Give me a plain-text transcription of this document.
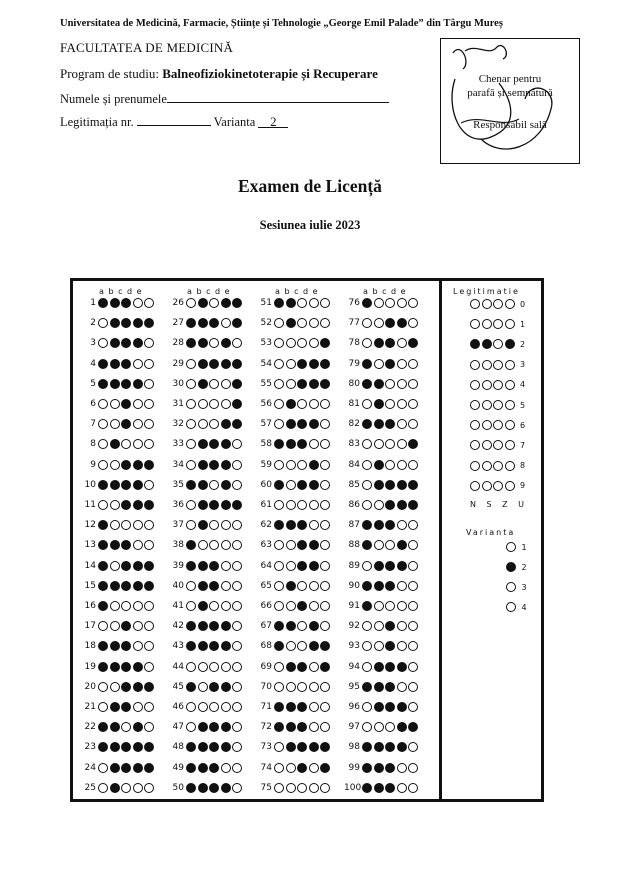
Universitatea de Medicină, Farmacie, Științe și Tehnologie „George Emil Palade” din Târgu Mureș
FACULTATEA DE MEDICINĂ
Program de studiu: Balneofiziokinetoterapie și Recuperare
Numele și prenumele
Legitimația nr.	Varianta 2
Chenar pentru
parafă și semnătură
Responsabil sală
Examen de Licență
Sesiunea iulie 2023
a b c d e
1
2
3
4
5
6
7
8
9
10
11
12
13
14
15
16
17
18
19
20
21
22
23
24
25
a b c d e
26
27
28
29
30
31
32
33
34
35
36
37
38
39
40
41
42
43
44
45
46
47
48
49
50
a b c d e
51
52
53
54
55
56
57
58
59
60
61
62
63
64
65
66
67
68
69
70
71
72
73
74
75
a b c d e
76
77
78
79
80
81
82
83
84
85
86
87
88
89
90
91
92
93
94
95
96
97
98
99
100
Legitimatie
0
1
2
3
4
5
6
7
8
9
N S Z U
Varianta
1
2
3
4
